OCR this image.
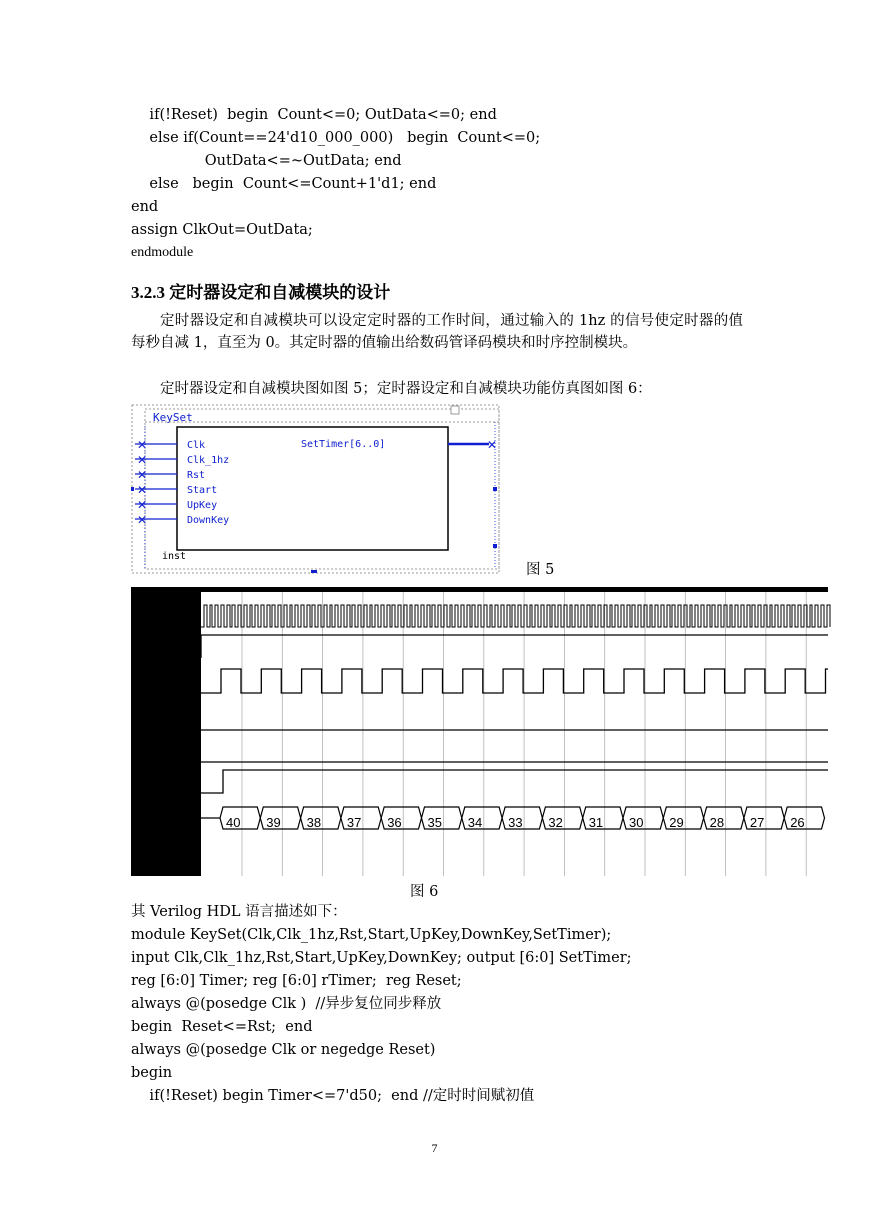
if(!Reset)  begin  Count<=0; OutData<=0; end
else if(Count==24'd10_000_000)   begin  Count<=0;
OutData<=~OutData; end
else   begin  Count<=Count+1'd1; end
end
assign ClkOut=OutData;
endmodule
3.2.3 定时器设定和自减模块的设计
定时器设定和自减模块可以设定定时器的工作时间，通过输入的 1hz 的信号使定时器的值每秒自减 1，直至为 0。其定时器的值输出给数码管译码模块和时序控制模块。
定时器设定和自减模块图如图 5；定时器设定和自减模块功能仿真图如图 6：
KeySet
✕	Clk
✕	Clk_1hz
✕	Rst
✕	Start
✕	UpKey
✕	DownKey
SetTimer[6..0]	✕
inst
图 5
40 39 38 37 36 35 34 33 32 31 30 29 28 27 26
SetTimer D	图 6
其 Verilog HDL 语言描述如下：
module KeySet(Clk,Clk_1hz,Rst,Start,UpKey,DownKey,SetTimer);
input Clk,Clk_1hz,Rst,Start,UpKey,DownKey; output [6:0] SetTimer;
reg [6:0] Timer; reg [6:0] rTimer;  reg Reset;
always @(posedge Clk )  //异步复位同步释放
begin  Reset<=Rst;  end
always @(posedge Clk or negedge Reset)
begin
if(!Reset) begin Timer<=7'd50;  end //定时时间赋初值
7
